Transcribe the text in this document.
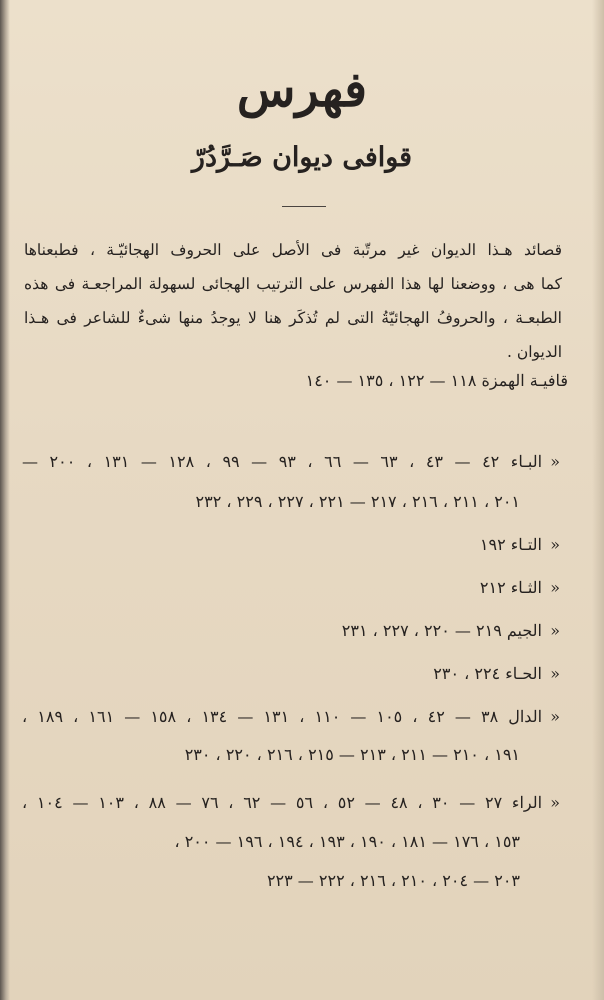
فهرس
قوافى ديوان صَـرَّدُرّ
قصائد هـذا الديوان غير مرتّبة فى الأصل على الحروف الهجائيّـة ، فطبعناها
كما هى ، ووضعنا لها هذا الفهرس على الترتيب الهجائى لسهولة المراجعـة فى هذه
الطبعـة ، والحروفُ الهجائيّةُ التى لم تُذكَر هنا لا يوجدُ منها شىءٌ للشاعر فى هـذا
الديوان .
قافيـة الهمزة ١١٨ — ١٢٢ ، ١٣٥ — ١٤٠
«
البـاء ٤٢ — ٤٣ ، ٦٣ — ٦٦ ، ٩٣ — ٩٩ ، ١٢٨ — ١٣١ ، ٢٠٠ —
٢٠١ ، ٢١١ ، ٢١٦ ، ٢١٧ — ٢٢١ ، ٢٢٧ ، ٢٢٩ ، ٢٣٢
«
التـاء ١٩٢
«
الثـاء ٢١٢
«
الجيم ٢١٩ — ٢٢٠ ، ٢٢٧ ، ٢٣١
«
الحـاء ٢٢٤ ، ٢٣٠
«
الدال ٣٨ — ٤٢ ، ١٠٥ — ١١٠ ، ١٣١ — ١٣٤ ، ١٥٨ — ١٦١ ، ١٨٩ ،
١٩١ ، ٢١٠ — ٢١١ ، ٢١٣ — ٢١٥ ، ٢١٦ ، ٢٢٠ ، ٢٣٠
«
الراء ٢٧ — ٣٠ ، ٤٨ — ٥٢ ، ٥٦ — ٦٢ ، ٧٦ — ٨٨ ، ١٠٣ — ١٠٤ ،
١٥٣ ، ١٧٦ — ١٨١ ، ١٩٠ ، ١٩٣ ، ١٩٤ ، ١٩٦ — ٢٠٠ ،
٢٠٣ — ٢٠٤ ، ٢١٠ ، ٢١٦ ، ٢٢٢ — ٢٢٣
